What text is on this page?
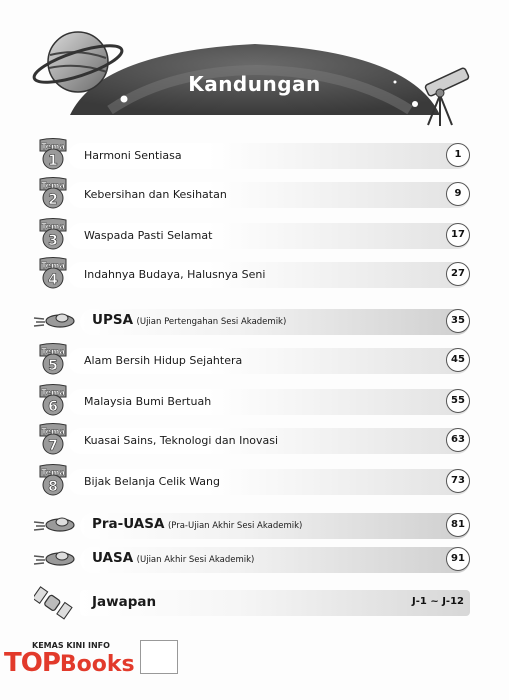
Kandungan
Tema
1 Harmoni Sentiasa	1
Tema
2 Kebersihan dan Kesihatan	9
Tema
3 Waspada Pasti Selamat	17
Tema
4 Indahnya Budaya, Halusnya Seni	27
UPSA (Ujian Pertengahan Sesi Akademik)	35
Tema
5 Alam Bersih Hidup Sejahtera	45
Tema
6 Malaysia Bumi Bertuah	55
Tema
7 Kuasai Sains, Teknologi dan Inovasi	63
Tema
8 Bijak Belanja Celik Wang	73
Pra-UASA (Pra-Ujian Akhir Sesi Akademik)	81
UASA (Ujian Akhir Sesi Akademik)	91
Jawapan	J-1 ~ J-12
KEMAS KINI INFO
TOPBooks
